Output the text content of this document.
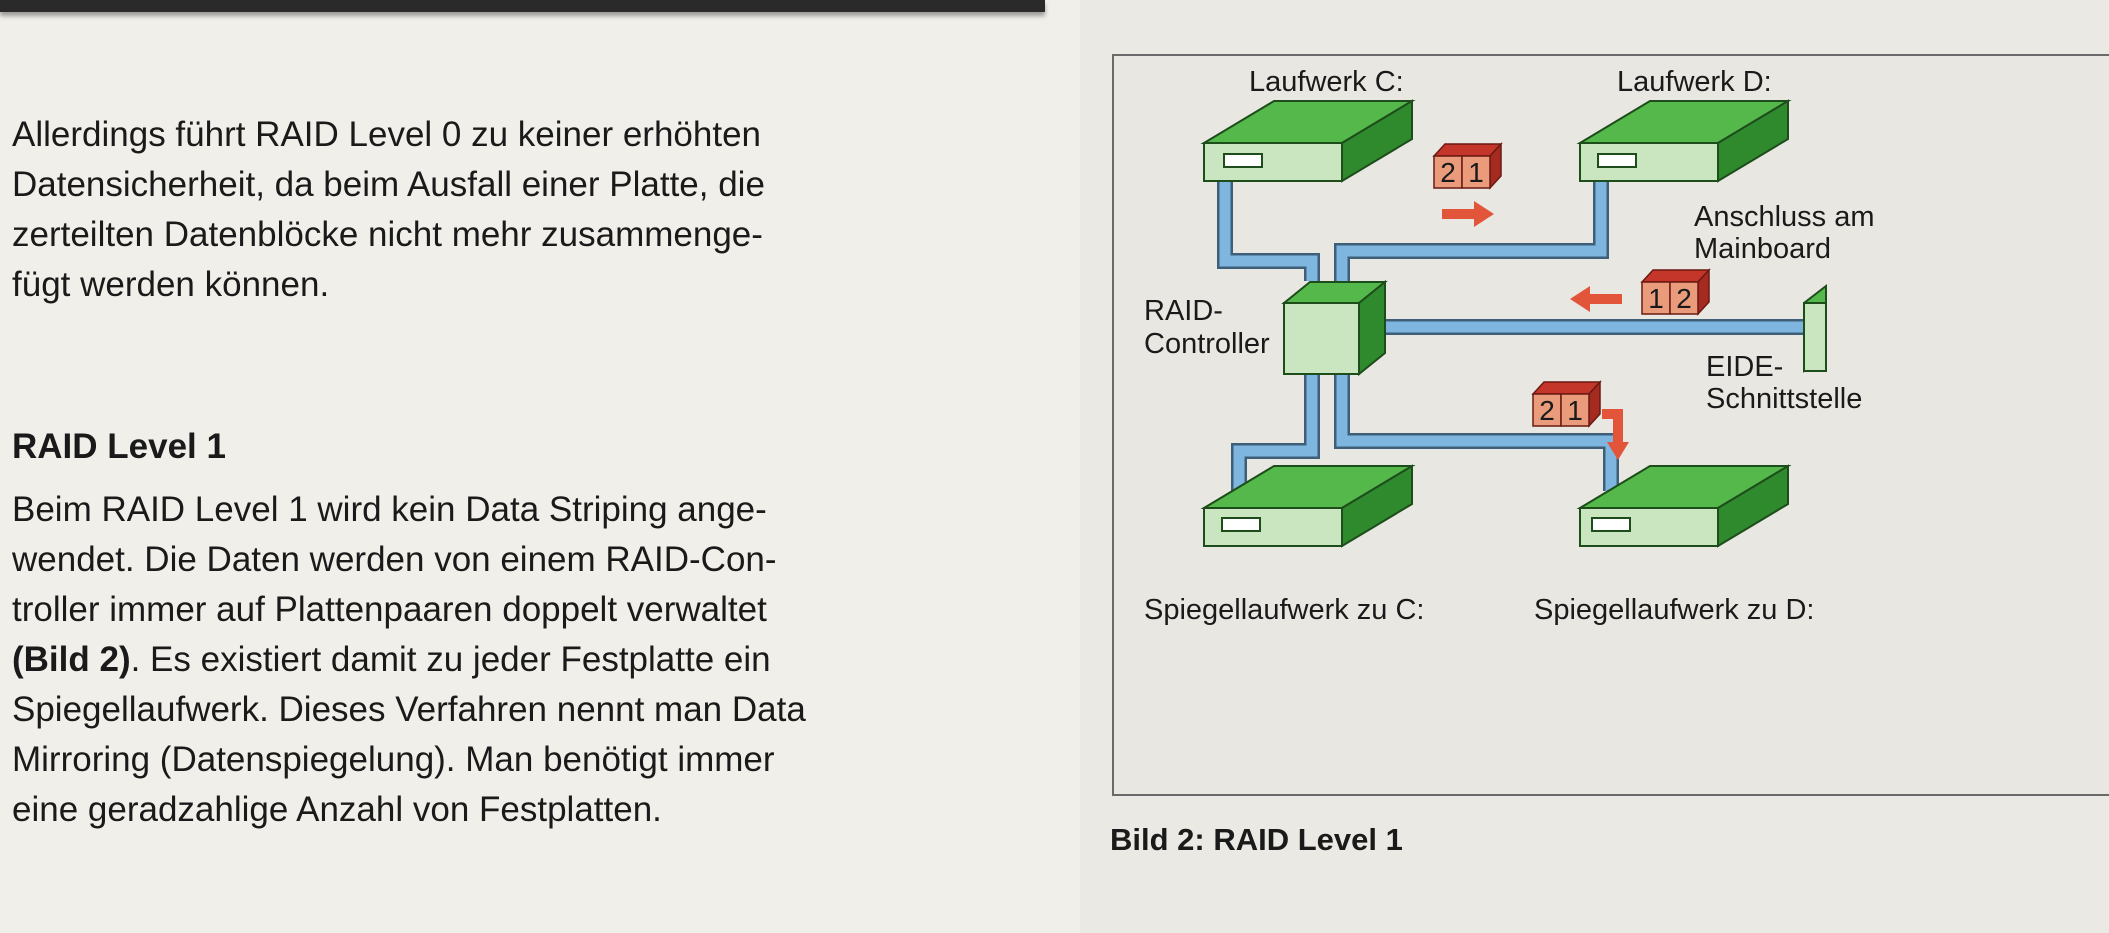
Allerdings führt RAID Level 0 zu keiner erhöhten
Datensicherheit, da beim Ausfall einer Platte, die
zerteilten Datenblöcke nicht mehr zusammenge-
fügt werden können.

RAID Level 1

Beim RAID Level 1 wird kein Data Striping ange-
wendet. Die Daten werden von einem RAID-Con-
troller immer auf Plattenpaaren doppelt verwaltet
(Bild 2). Es existiert damit zu jeder Festplatte ein
Spiegellaufwerk. Dieses Verfahren nennt man Data
Mirroring (Datenspiegelung). Man benötigt immer
eine geradzahlige Anzahl von Festplatten.

2 1
1 2
2 1
Laufwerk C:	Laufwerk D:
Spiegellaufwerk zu C:	Spiegellaufwerk zu D:
RAID-
Controller
Anschluss am
Mainboard
EIDE-
Schnittstelle

Bild 2: RAID Level 1
